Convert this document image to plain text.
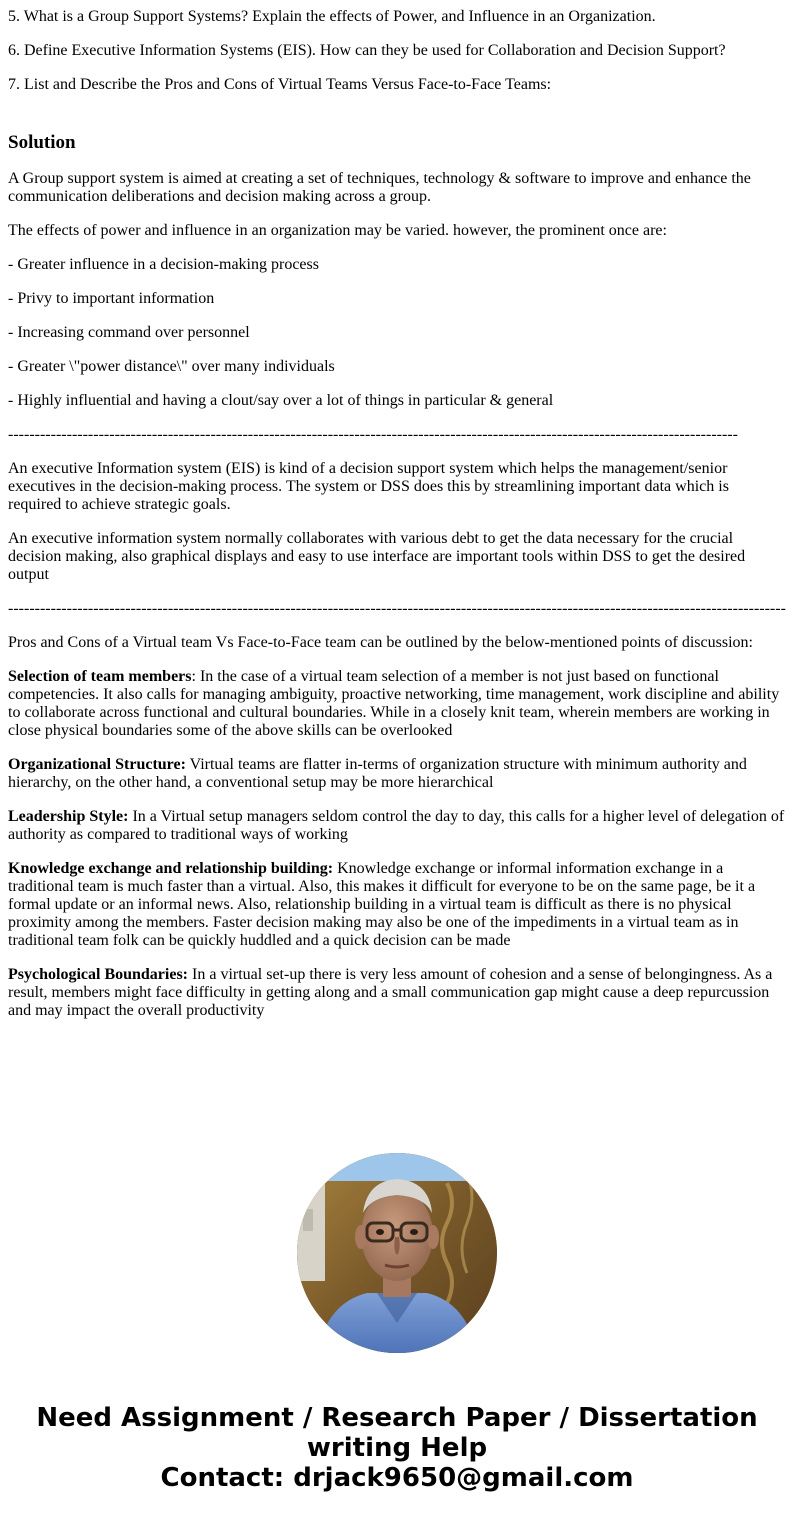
5. What is a Group Support Systems? Explain the effects of Power, and Influence in an Organization.

6. Define Executive Information Systems (EIS). How can they be used for Collaboration and Decision Support?

7. List and Describe the Pros and Cons of Virtual Teams Versus Face-to-Face Teams:

Solution

A Group support system is aimed at creating a set of techniques, technology & software to improve and enhance the communication deliberations and decision making across a group.

The effects of power and influence in an organization may be varied. however, the prominent once are:

- Greater influence in a decision-making process

- Privy to important information

- Increasing command over personnel

- Greater \"power distance\" over many individuals

- Highly influential and having a clout/say over a lot of things in particular & general

-----------------------------------------------------------------------------------------------------------------------------------------

An executive Information system (EIS) is kind of a decision support system which helps the management/senior executives in the decision-making process. The system or DSS does this by streamlining important data which is required to achieve strategic goals.

An executive information system normally collaborates with various debt to get the data necessary for the crucial decision making, also graphical displays and easy to use interface are important tools within DSS to get the desired output

--------------------------------------------------------------------------------------------------------------------------------------------------

Pros and Cons of a Virtual team Vs Face-to-Face team can be outlined by the below-mentioned points of discussion:

Selection of team members: In the case of a virtual team selection of a member is not just based on functional competencies. It also calls for managing ambiguity, proactive networking, time management, work discipline and ability to collaborate across functional and cultural boundaries. While in a closely knit team, wherein members are working in close physical boundaries some of the above skills can be overlooked

Organizational Structure: Virtual teams are flatter in-terms of organization structure with minimum authority and hierarchy, on the other hand, a conventional setup may be more hierarchical

Leadership Style: In a Virtual setup managers seldom control the day to day, this calls for a higher level of delegation of authority as compared to traditional ways of working

Knowledge exchange and relationship building: Knowledge exchange or informal information exchange in a traditional team is much faster than a virtual. Also, this makes it difficult for everyone to be on the same page, be it a formal update or an informal news. Also, relationship building in a virtual team is difficult as there is no physical proximity among the members. Faster decision making may also be one of the impediments in a virtual team as in traditional team folk can be quickly huddled and a quick decision can be made

Psychological Boundaries: In a virtual set-up there is very less amount of cohesion and a sense of belongingness. As a result, members might face difficulty in getting along and a small communication gap might cause a deep repurcussion and may impact the overall productivity

Need Assignment / Research Paper / Dissertation
writing Help
Contact: drjack9650@gmail.com
